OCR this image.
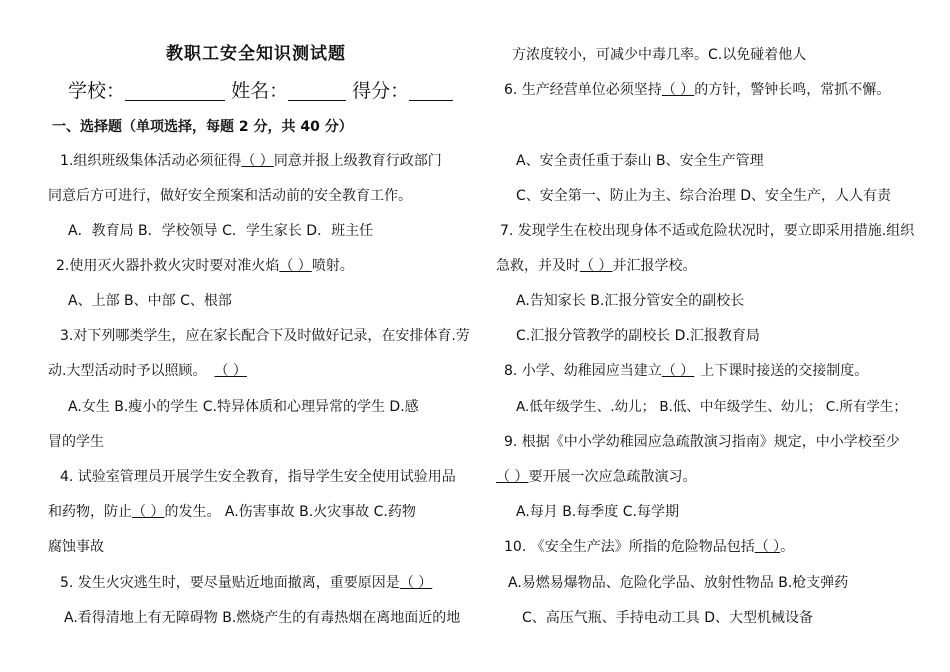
教职工安全知识测试题
学校：	姓名：	得分：
一、选择题（单项选择，每题 2 分，共 40 分）
1.组织班级集体活动必须征得（ ）同意并报上级教育行政部门
同意后方可进行，做好安全预案和活动前的安全教育工作。
A．教育局 B．学校领导 C．学生家长 D．班主任
2.使用灭火器扑救火灾时要对准火焰（ ）喷射。
A、上部 B、中部 C、根部
3.对下列哪类学生，应在家长配合下及时做好记录，在安排体育.劳
动.大型活动时予以照顾。 （ ）
A.女生 B.瘦小的学生 C.特异体质和心理异常的学生 D.感
冒的学生
4. 试验室管理员开展学生安全教育，指导学生安全使用试验用品
和药物，防止（ ）的发生。 A.伤害事故 B.火灾事故 C.药物
腐蚀事故
5. 发生火灾逃生时，要尽量贴近地面撤离，重要原因是（ ）
A.看得清地上有无障碍物 B.燃烧产生的有毒热烟在离地面近的地
方浓度较小，可减少中毒几率。C.以免碰着他人
6. 生产经营单位必须坚持（ ）的方针，警钟长鸣，常抓不懈。
A、安全责任重于泰山 B、安全生产管理
C、安全第一、防止为主、综合治理 D、安全生产，人人有责
7. 发现学生在校出现身体不适或危险状况时，要立即采用措施.组织
急救，并及时（ ）并汇报学校。
A.告知家长 B.汇报分管安全的副校长
C.汇报分管教学的副校长 D.汇报教育局
8. 小学、幼稚园应当建立（ ） 上下课时接送的交接制度。
A.低年级学生、.幼儿； B.低、中年级学生、幼儿； C.所有学生；
9. 根据《中小学幼稚园应急疏散演习指南》规定，中小学校至少
（ ）要开展一次应急疏散演习。
A.每月 B.每季度 C.每学期
10. 《安全生产法》所指的危险物品包括（ ）。
A.易燃易爆物品、危险化学品、放射性物品 B.枪支弹药
C、高压气瓶、手持电动工具 D、大型机械设备
